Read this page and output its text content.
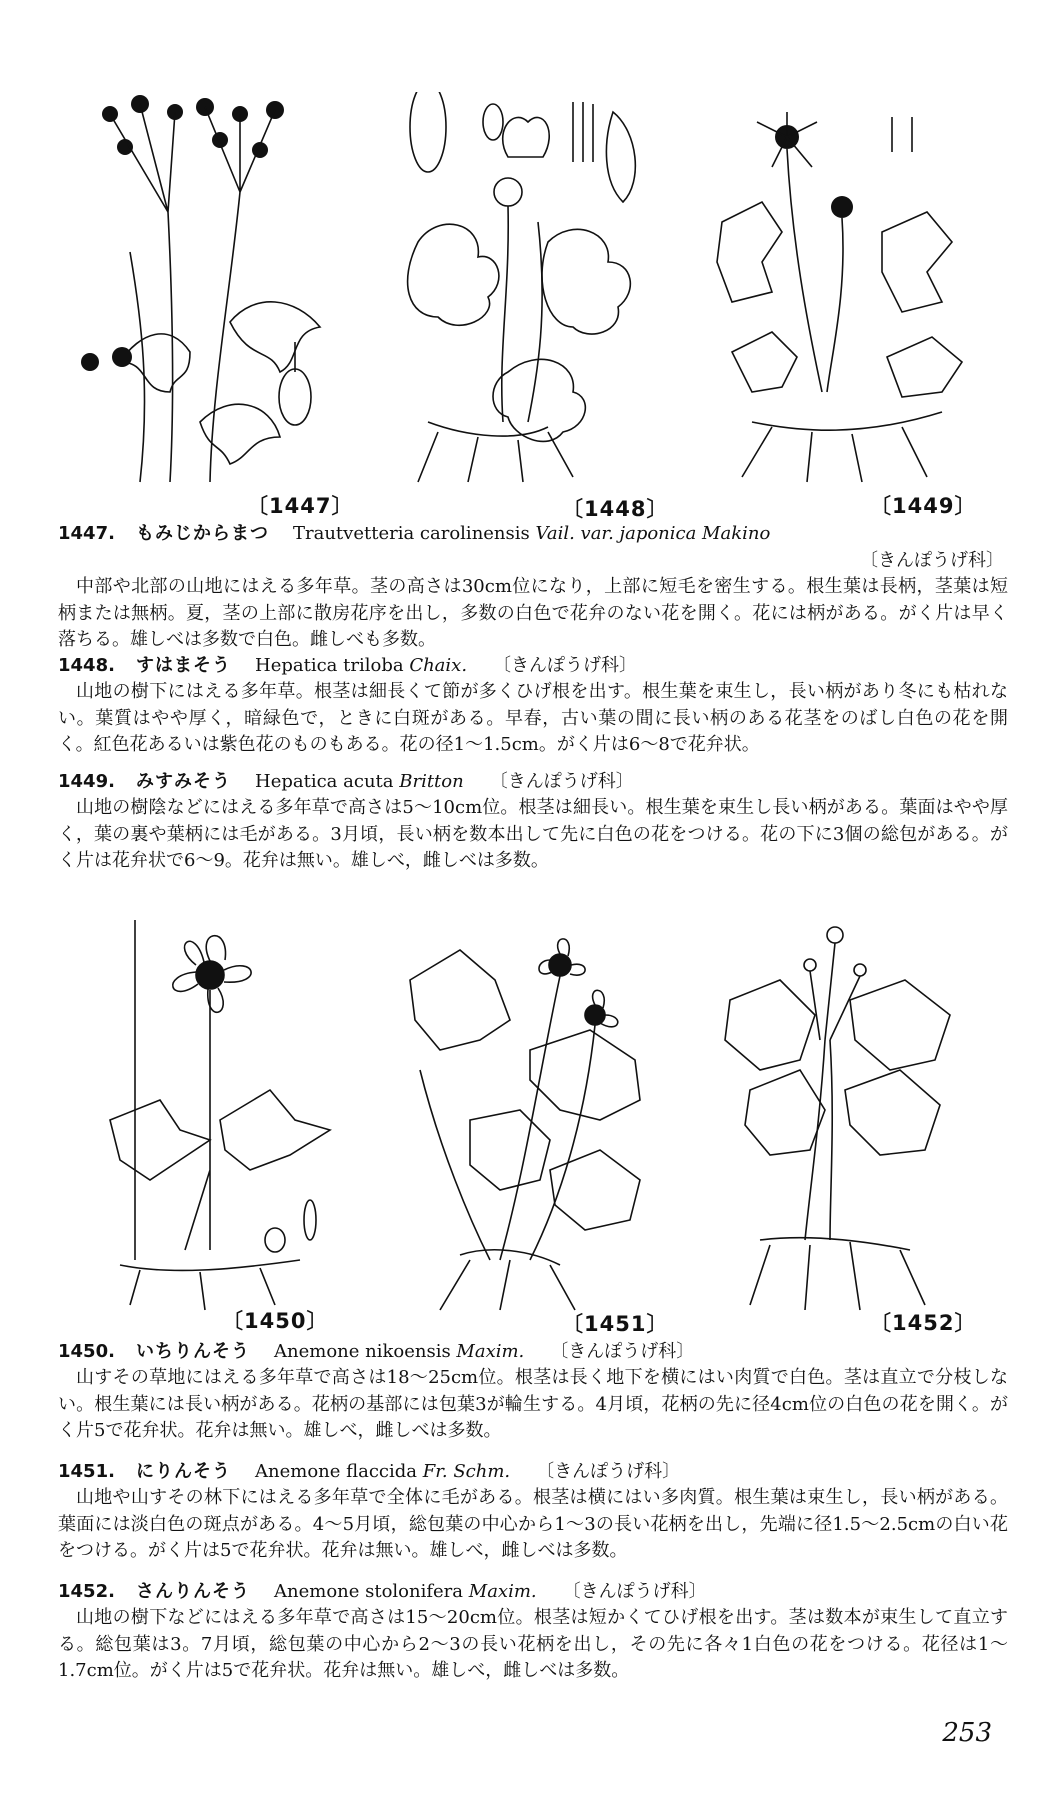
〔1447〕	〔1448〕	〔1449〕
1447. もみじからまつ Trautvetteria carolinensis Vail. var. japonica Makino
〔きんぽうげ科〕
中部や北部の山地にはえる多年草。茎の高さは30cm位になり，上部に短毛を密生する。根生葉は長柄，茎葉は短柄または無柄。夏，茎の上部に散房花序を出し，多数の白色で花弁のない花を開く。花には柄がある。がく片は早く落ちる。雄しべは多数で白色。雌しべも多数。
1448. すはまそう Hepatica triloba Chaix. 〔きんぽうげ科〕
山地の樹下にはえる多年草。根茎は細長くて節が多くひげ根を出す。根生葉を束生し，長い柄があり冬にも枯れない。葉質はやや厚く，暗緑色で，ときに白斑がある。早春，古い葉の間に長い柄のある花茎をのばし白色の花を開く。紅色花あるいは紫色花のものもある。花の径1〜1.5cm。がく片は6〜8で花弁状。
1449. みすみそう Hepatica acuta Britton 〔きんぽうげ科〕
山地の樹陰などにはえる多年草で高さは5〜10cm位。根茎は細長い。根生葉を束生し長い柄がある。葉面はやや厚く，葉の裏や葉柄には毛がある。3月頃，長い柄を数本出して先に白色の花をつける。花の下に3個の総包がある。がく片は花弁状で6〜9。花弁は無い。雄しべ，雌しべは多数。
〔1450〕	〔1451〕	〔1452〕
1450. いちりんそう Anemone nikoensis Maxim. 〔きんぽうげ科〕
山すその草地にはえる多年草で高さは18〜25cm位。根茎は長く地下を横にはい肉質で白色。茎は直立で分枝しない。根生葉には長い柄がある。花柄の基部には包葉3が輪生する。4月頃，花柄の先に径4cm位の白色の花を開く。がく片5で花弁状。花弁は無い。雄しべ，雌しべは多数。
1451. にりんそう Anemone flaccida Fr. Schm. 〔きんぽうげ科〕
山地や山すその林下にはえる多年草で全体に毛がある。根茎は横にはい多肉質。根生葉は束生し，長い柄がある。葉面には淡白色の斑点がある。4〜5月頃，総包葉の中心から1〜3の長い花柄を出し，先端に径1.5〜2.5cmの白い花をつける。がく片は5で花弁状。花弁は無い。雄しべ，雌しべは多数。
1452. さんりんそう Anemone stolonifera Maxim. 〔きんぽうげ科〕
山地の樹下などにはえる多年草で高さは15〜20cm位。根茎は短かくてひげ根を出す。茎は数本が束生して直立する。総包葉は3。7月頃，総包葉の中心から2〜3の長い花柄を出し，その先に各々1白色の花をつける。花径は1〜1.7cm位。がく片は5で花弁状。花弁は無い。雄しべ，雌しべは多数。
253
